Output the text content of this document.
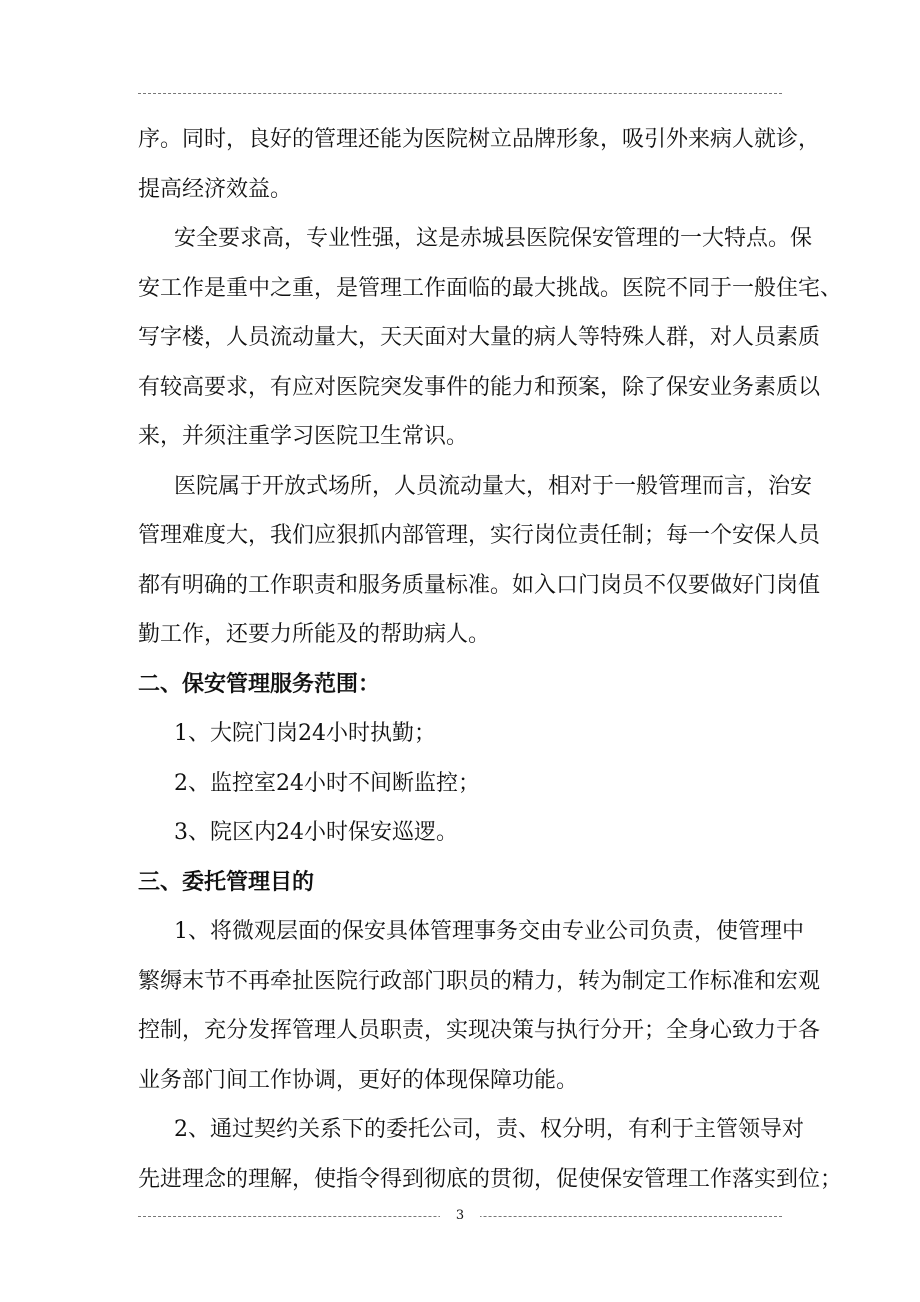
序。同时，良好的管理还能为医院树立品牌形象，吸引外来病人就诊，
提高经济效益。
安全要求高，专业性强，这是赤城县医院保安管理的一大特点。保
安工作是重中之重，是管理工作面临的最大挑战。医院不同于一般住宅、
写字楼，人员流动量大，天天面对大量的病人等特殊人群，对人员素质
有较高要求，有应对医院突发事件的能力和预案，除了保安业务素质以
来，并须注重学习医院卫生常识。
医院属于开放式场所，人员流动量大，相对于一般管理而言，治安
管理难度大，我们应狠抓内部管理，实行岗位责任制；每一个安保人员
都有明确的工作职责和服务质量标准。如入口门岗员不仅要做好门岗值
勤工作，还要力所能及的帮助病人。
二、保安管理服务范围：
1、大院门岗24小时执勤；
2、监控室24小时不间断监控；
3、院区内24小时保安巡逻。
三、委托管理目的
1、将微观层面的保安具体管理事务交由专业公司负责，使管理中
繁缛末节不再牵扯医院行政部门职员的精力，转为制定工作标准和宏观
控制，充分发挥管理人员职责，实现决策与执行分开；全身心致力于各
业务部门间工作协调，更好的体现保障功能。
2、通过契约关系下的委托公司，责、权分明，有利于主管领导对
先进理念的理解，使指令得到彻底的贯彻，促使保安管理工作落实到位；
3
